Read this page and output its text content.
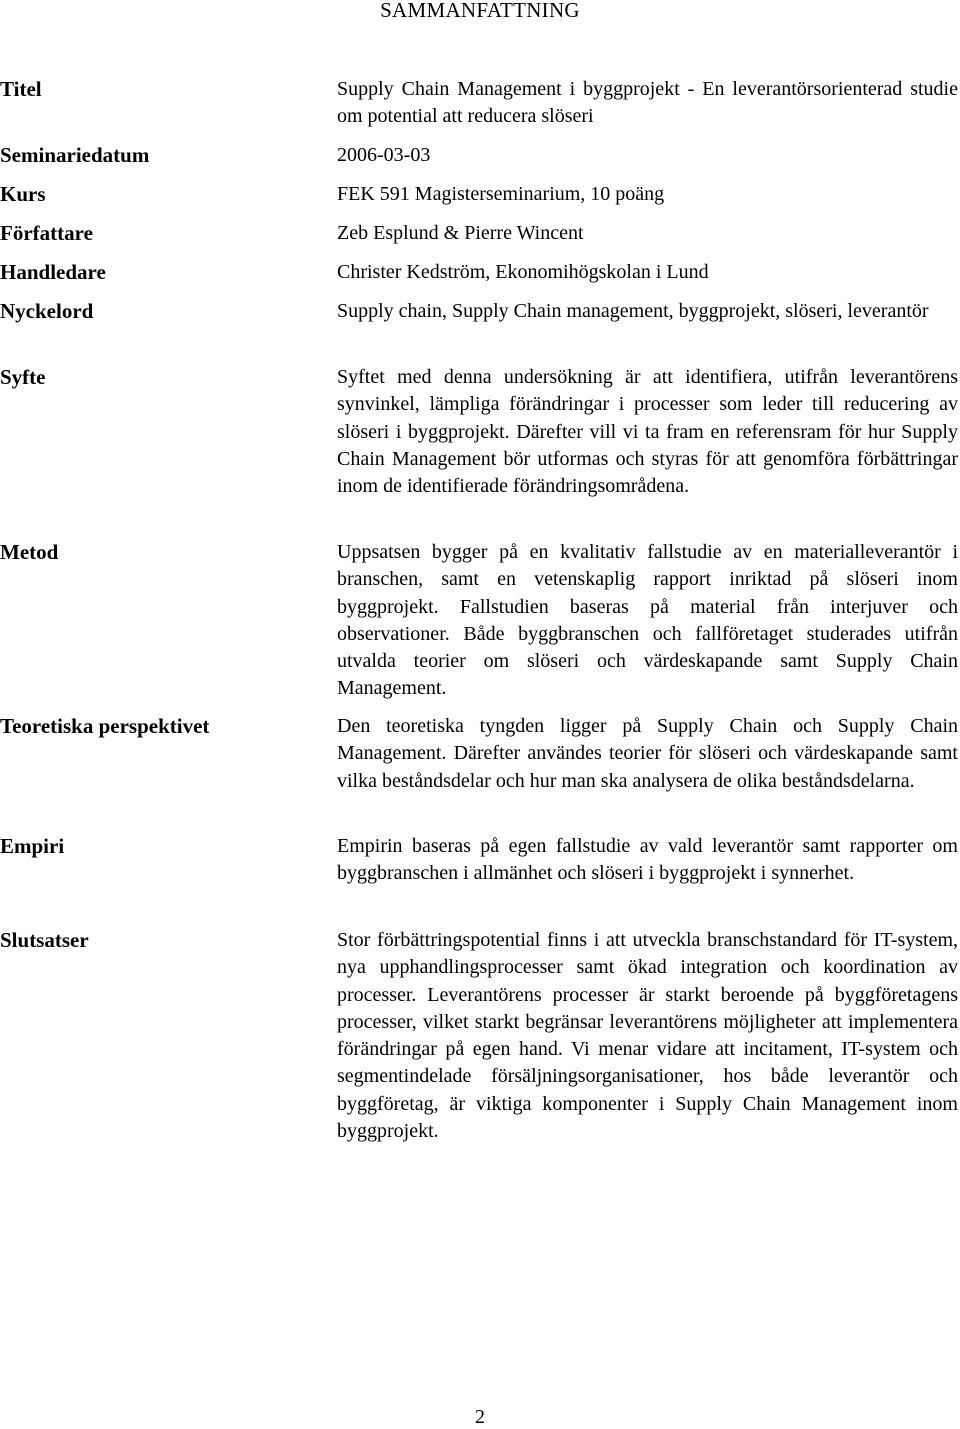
SAMMANFATTNING
Titel	Supply Chain Management i byggprojekt - En leverantörsorienterad studie om potential att reducera slöseri
Seminariedatum	2006-03-03
Kurs	FEK 591 Magisterseminarium, 10 poäng
Författare	Zeb Esplund & Pierre Wincent
Handledare	Christer Kedström, Ekonomihögskolan i Lund
Nyckelord	Supply chain, Supply Chain management, byggprojekt, slöseri, leverantör
Syfte	Syftet med denna undersökning är att identifiera, utifrån leverantörens synvinkel, lämpliga förändringar i processer som leder till reducering av slöseri i byggprojekt. Därefter vill vi ta fram en referensram för hur Supply Chain Management bör utformas och styras för att genomföra förbättringar inom de identifierade förändringsområdena.
Metod	Uppsatsen bygger på en kvalitativ fallstudie av en materialleverantör i branschen, samt en vetenskaplig rapport inriktad på slöseri inom byggprojekt. Fallstudien baseras på material från interjuver och observationer. Både byggbranschen och fallföretaget studerades utifrån utvalda teorier om slöseri och värdeskapande samt Supply Chain Management.
Teoretiska perspektivet	Den teoretiska tyngden ligger på Supply Chain och Supply Chain Management. Därefter användes teorier för slöseri och värdeskapande samt vilka beståndsdelar och hur man ska analysera de olika beståndsdelarna.
Empiri	Empirin baseras på egen fallstudie av vald leverantör samt rapporter om byggbranschen i allmänhet och slöseri i byggprojekt i synnerhet.
Slutsatser	Stor förbättringspotential finns i att utveckla branschstandard för IT-system, nya upphandlingsprocesser samt ökad integration och koordination av processer. Leverantörens processer är starkt beroende på byggföretagens processer, vilket starkt begränsar leverantörens möjligheter att implementera förändringar på egen hand. Vi menar vidare att incitament, IT-system och segmentindelade försäljningsorganisationer, hos både leverantör och byggföretag, är viktiga komponenter i Supply Chain Management inom byggprojekt.
2
